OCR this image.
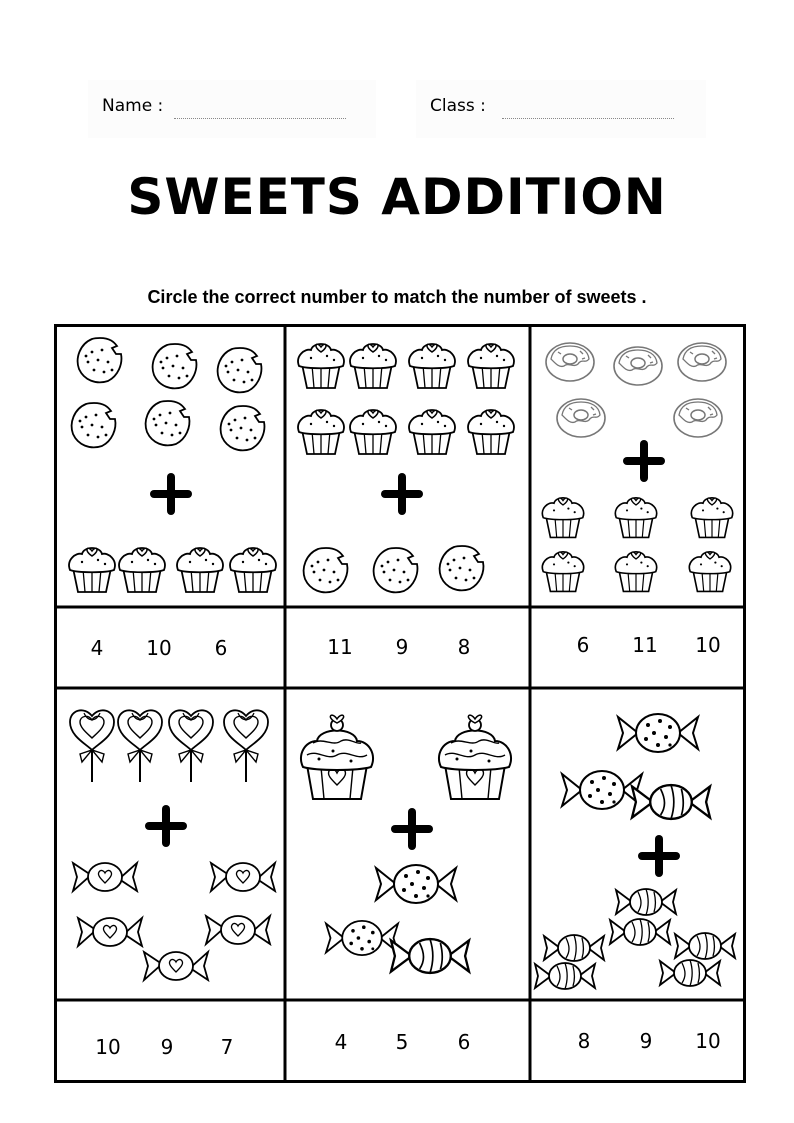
Name :	Class :
SWEETS ADDITION
Circle the correct number to match the number of sweets .
4	10	6	11	9	8	6	11	10
10	9	7	4	5	6	8	9	10
